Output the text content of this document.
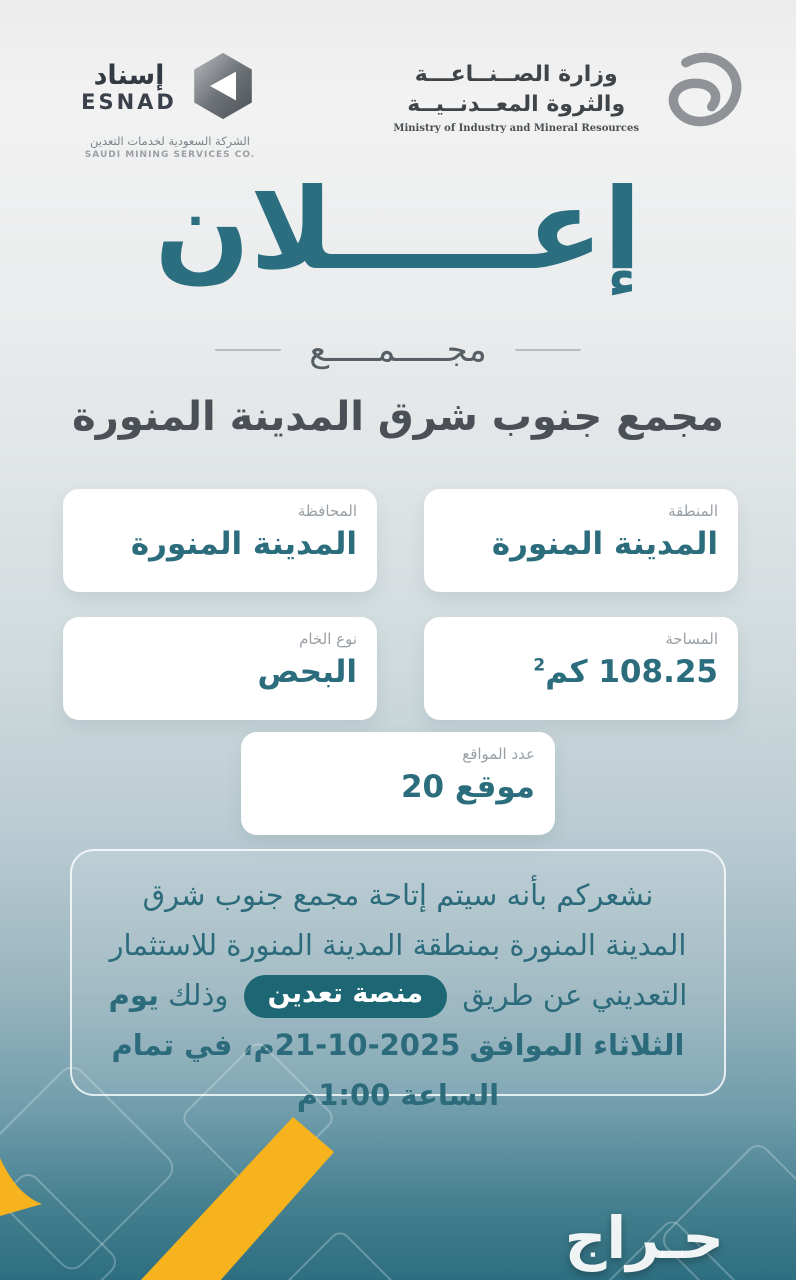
إسناد
ESNAD
الشركة السعودية لخدمات التعدين
SAUDI MINING SERVICES CO.
وزارة الصــنــاعـــة
والثروة المعــدنــيــة
Ministry of Industry and Mineral Resources
إعـــــلان
مجـــــمـــــع
مجمع جنوب شرق المدينة المنورة
المنطقة
المدينة المنورة
المحافظة
المدينة المنورة
المساحة
108.25 كم$^2$
نوع الخام
البحص
عدد المواقع
20 موقع
نشعركم بأنه سيتم إتاحة مجمع جنوب شرق المدينة المنورة بمنطقة المدينة المنورة للاستثمار التعديني عن طريق منصة تعدين وذلك يوم الثلاثاء الموافق 2025-10-21م، في تمام الساعة 1:00م
حـراج
